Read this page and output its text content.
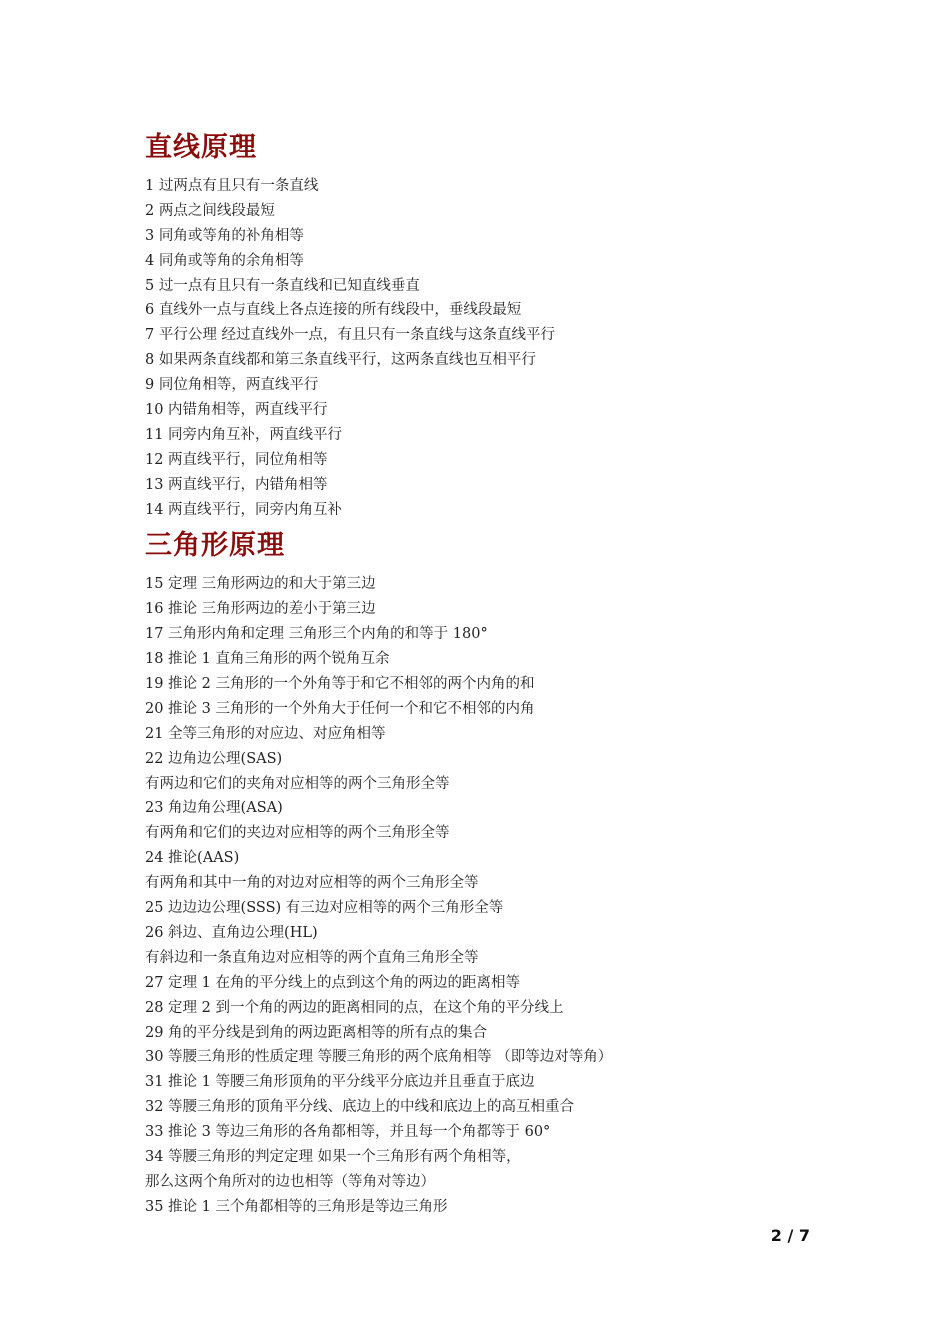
直线原理
1 过两点有且只有一条直线
2 两点之间线段最短
3 同角或等角的补角相等
4 同角或等角的余角相等
5 过一点有且只有一条直线和已知直线垂直
6 直线外一点与直线上各点连接的所有线段中，垂线段最短
7 平行公理 经过直线外一点，有且只有一条直线与这条直线平行
8 如果两条直线都和第三条直线平行，这两条直线也互相平行
9 同位角相等，两直线平行
10 内错角相等，两直线平行
11 同旁内角互补，两直线平行
12 两直线平行，同位角相等
13 两直线平行，内错角相等
14 两直线平行，同旁内角互补
三角形原理
15 定理 三角形两边的和大于第三边
16 推论 三角形两边的差小于第三边
17 三角形内角和定理 三角形三个内角的和等于 180°
18 推论 1 直角三角形的两个锐角互余
19 推论 2 三角形的一个外角等于和它不相邻的两个内角的和
20 推论 3 三角形的一个外角大于任何一个和它不相邻的内角
21 全等三角形的对应边、对应角相等
22 边角边公理(SAS)
有两边和它们的夹角对应相等的两个三角形全等
23 角边角公理(ASA)
有两角和它们的夹边对应相等的两个三角形全等
24 推论(AAS)
有两角和其中一角的对边对应相等的两个三角形全等
25 边边边公理(SSS) 有三边对应相等的两个三角形全等
26 斜边、直角边公理(HL)
有斜边和一条直角边对应相等的两个直角三角形全等
27 定理 1 在角的平分线上的点到这个角的两边的距离相等
28 定理 2 到一个角的两边的距离相同的点，在这个角的平分线上
29 角的平分线是到角的两边距离相等的所有点的集合
30 等腰三角形的性质定理 等腰三角形的两个底角相等 （即等边对等角）
31 推论 1 等腰三角形顶角的平分线平分底边并且垂直于底边
32 等腰三角形的顶角平分线、底边上的中线和底边上的高互相重合
33 推论 3 等边三角形的各角都相等，并且每一个角都等于 60°
34 等腰三角形的判定定理 如果一个三角形有两个角相等，
那么这两个角所对的边也相等（等角对等边）
35 推论 1 三个角都相等的三角形是等边三角形
2 / 7
